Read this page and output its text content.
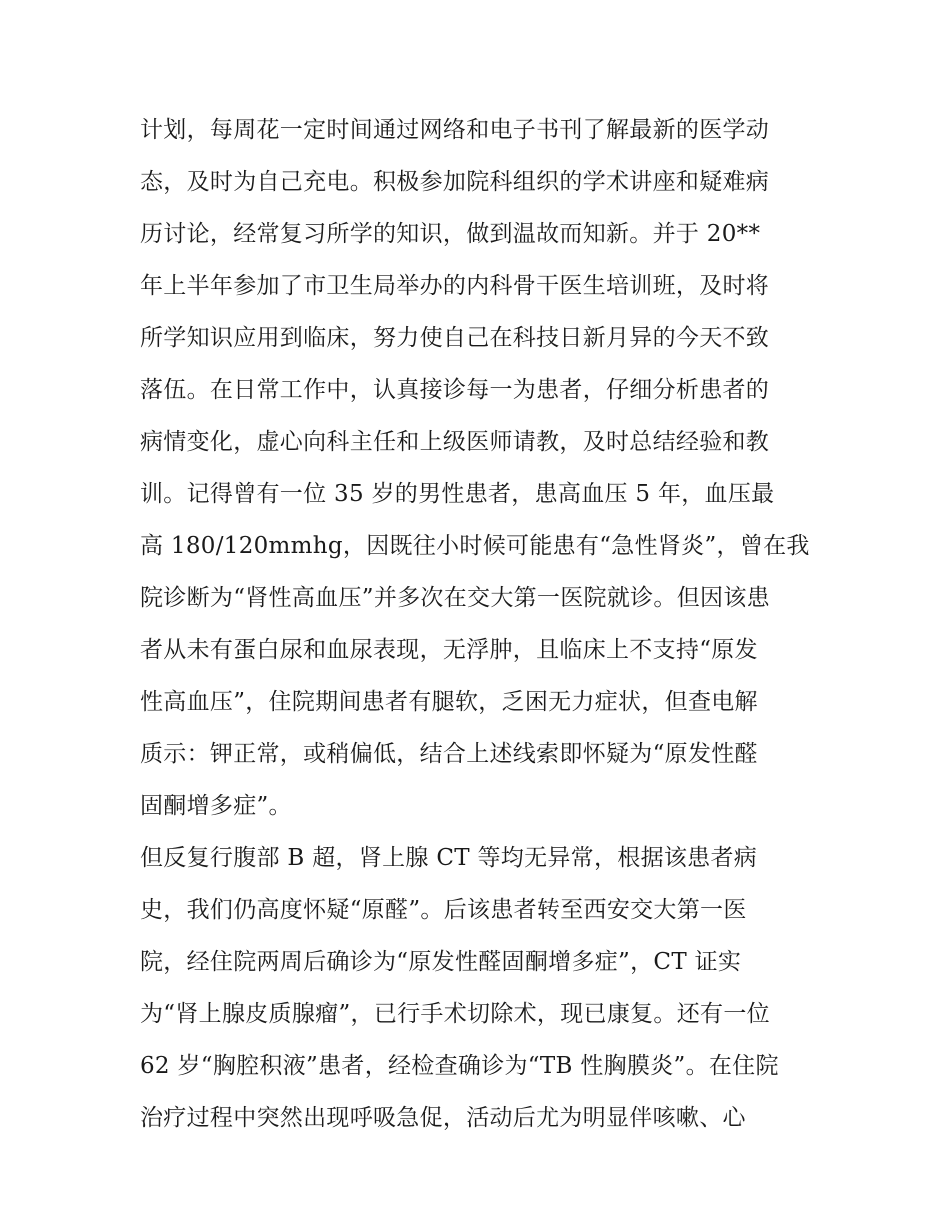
计划，每周花一定时间通过网络和电子书刊了解最新的医学动
态，及时为自己充电。积极参加院科组织的学术讲座和疑难病
历讨论，经常复习所学的知识，做到温故而知新。并于 20**
年上半年参加了市卫生局举办的内科骨干医生培训班，及时将
所学知识应用到临床，努力使自己在科技日新月异的今天不致
落伍。在日常工作中，认真接诊每一为患者，仔细分析患者的
病情变化，虚心向科主任和上级医师请教，及时总结经验和教
训。记得曾有一位 35 岁的男性患者，患高血压 5 年，血压最
高 180/120mmhg，因既往小时候可能患有“急性肾炎”，曾在我
院诊断为“肾性高血压”并多次在交大第一医院就诊。但因该患
者从未有蛋白尿和血尿表现，无浮肿，且临床上不支持“原发
性高血压”，住院期间患者有腿软，乏困无力症状，但查电解
质示：钾正常，或稍偏低，结合上述线索即怀疑为“原发性醛
固酮增多症”。
但反复行腹部 B 超，肾上腺 CT 等均无异常，根据该患者病
史，我们仍高度怀疑“原醛”。后该患者转至西安交大第一医
院，经住院两周后确诊为“原发性醛固酮增多症”，CT 证实
为“肾上腺皮质腺瘤”，已行手术切除术，现已康复。还有一位
62 岁“胸腔积液”患者，经检查确诊为“TB 性胸膜炎”。在住院
治疗过程中突然出现呼吸急促，活动后尤为明显伴咳嗽、心
